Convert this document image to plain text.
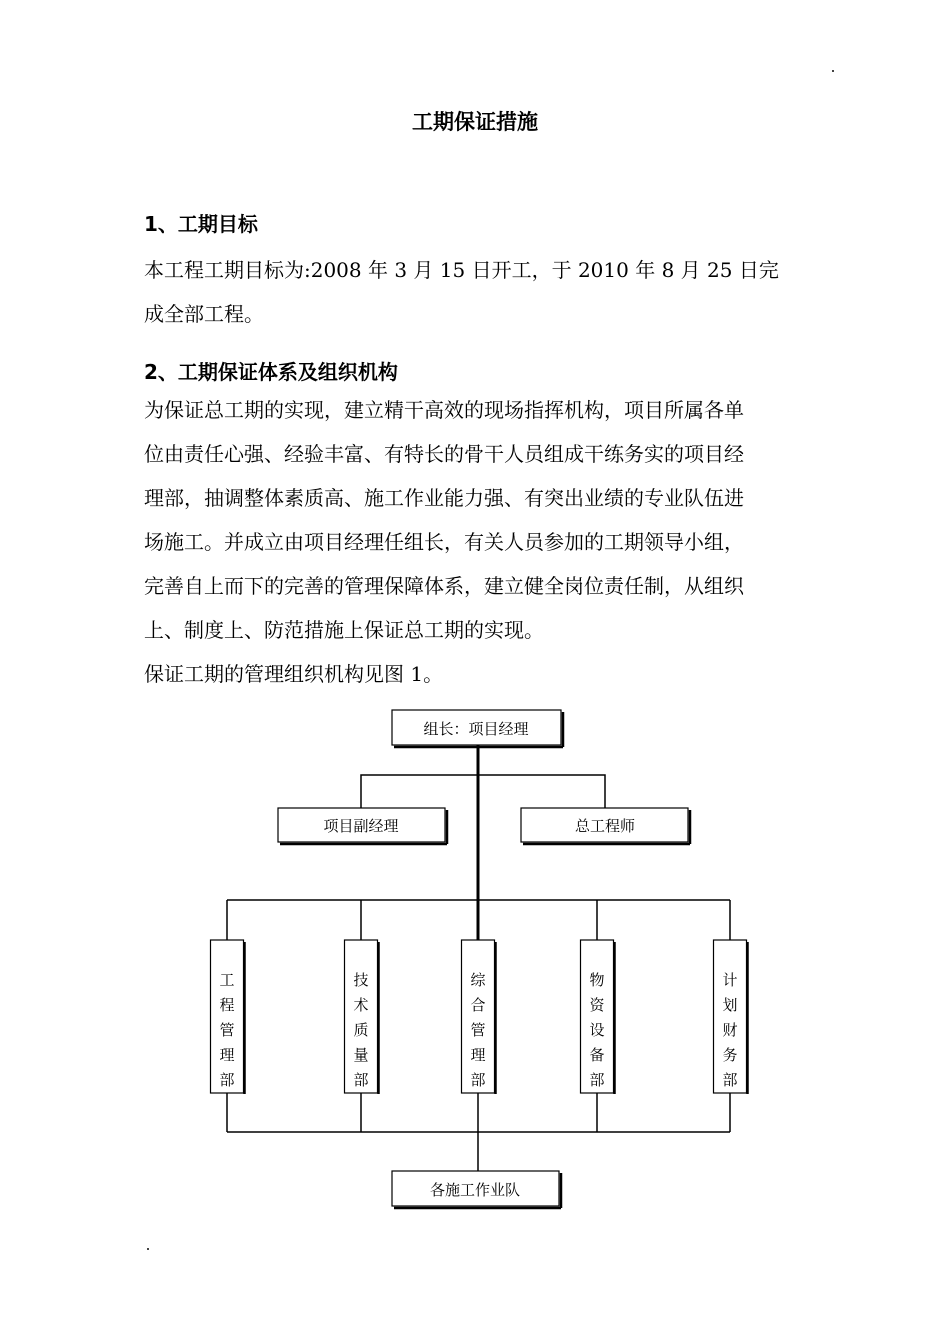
工期保证措施
1、工期目标

本工程工期目标为:2008 年 3 月 15 日开工，于 2010 年 8 月 25 日完

成全部工程。

2、工期保证体系及组织机构

为保证总工期的实现，建立精干高效的现场指挥机构，项目所属各单

位由责任心强、经验丰富、有特长的骨干人员组成干练务实的项目经

理部，抽调整体素质高、施工作业能力强、有突出业绩的专业队伍进

场施工。并成立由项目经理任组长，有关人员参加的工期领导小组，

完善自上而下的完善的管理保障体系，建立健全岗位责任制，从组织

上、制度上、防范措施上保证总工期的实现。

保证工期的管理组织机构见图 1。

组长：项目经理
项目副经理	总工程师
工程管理部
技术质量部
综合管理部
物资设备部
计划财务部
各施工作业队
